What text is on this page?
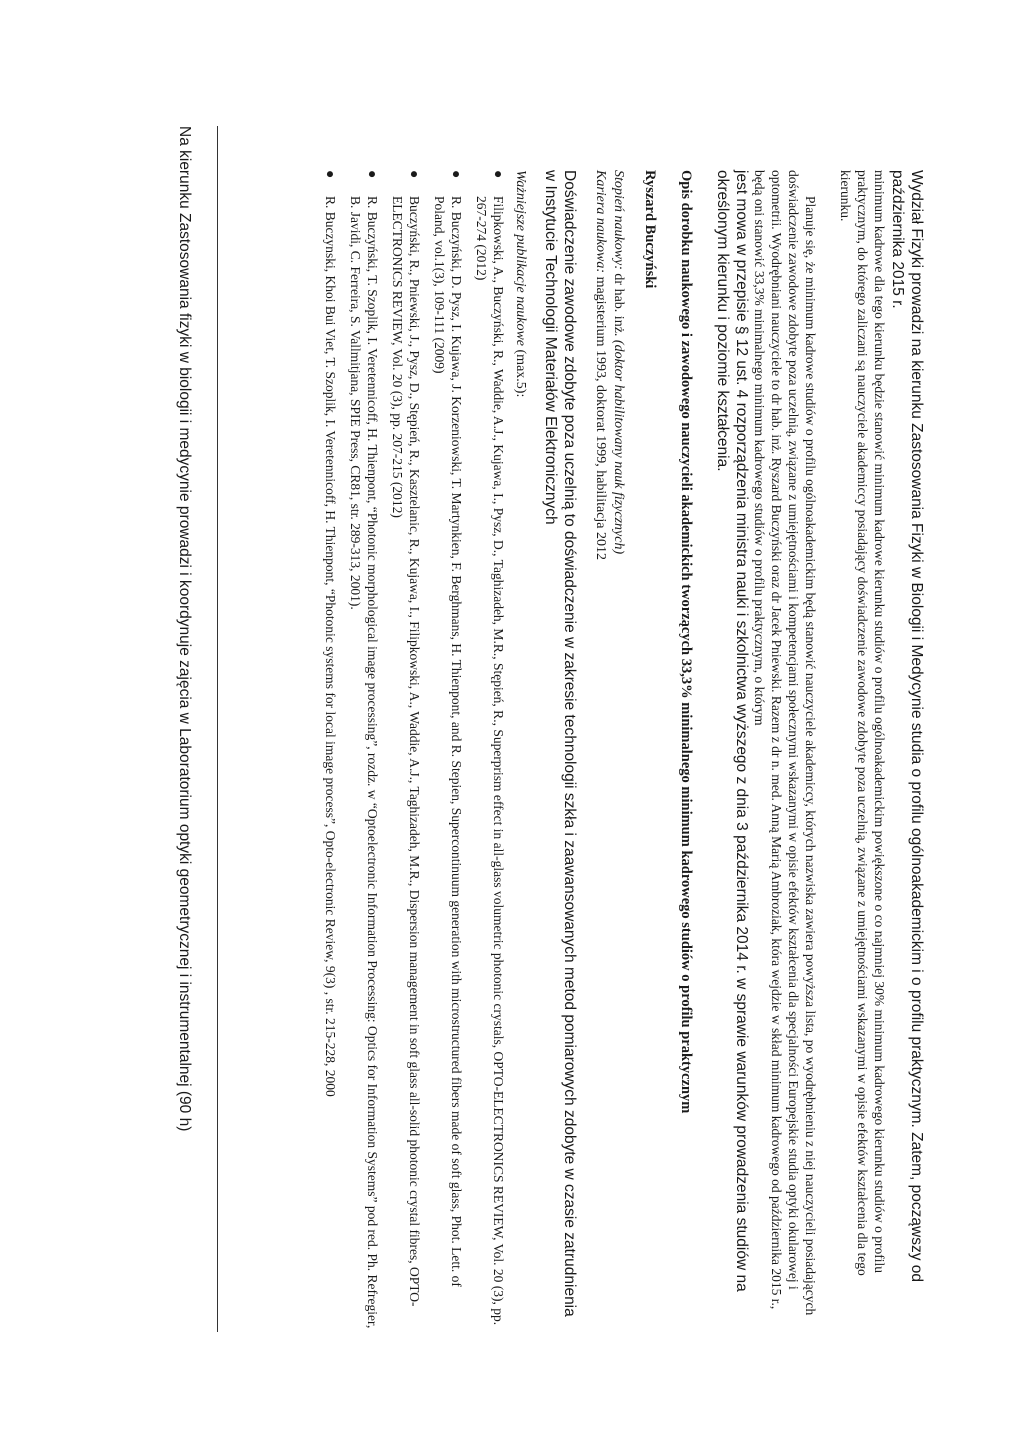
Wydział Fizyki prowadzi na kierunku Zastosowania Fizyki w Biologii i Medycynie studia o profilu ogólnoakademickim i o profilu praktycznym. Zatem, począwszy od października 2015 r.

minimum kadrowe dla tego kierunku będzie stanowić minimum kadrowe kierunku studiów o profilu ogólnoakademickim powiększone o co najmniej 30% minimum kadrowego kierunku studiów o profilu praktycznym, do którego zaliczani są nauczyciele akademiccy posiadający doświadczenie zawodowe zdobyte poza uczelnią, związane z umiejętnościami wskazanymi w opisie efektów kształcenia dla tego kierunku.

Planuje się, że minimum kadrowe studiów o profilu ogólnoakademickim będą stanowić nauczyciele akademiccy, których nazwiska zawiera powyższa lista, po wyodrębnieniu z niej nauczycieli posiadających doświadczenie zawodowe zdobyte poza uczelnią, związane z umiejętnościami i kompetencjami społecznymi wskazanymi w opisie efektów kształcenia dla specjalności Europejskie studia optyki okularowej i optometrii. Wyodrębniani nauczyciele to dr hab. inż. Ryszard Buczyński oraz dr Jacek Pniewski. Razem z dr n. med. Anną Marią Ambroziak, która wejdzie w skład minimum kadrowego od października 2015 r., będą oni stanowić 33,3% minimalnego minimum kadrowego studiów o profilu praktycznym, o którym

jest mowa w przepisie § 12 ust. 4 rozporządzenia ministra nauki i szkolnictwa wyższego z dnia 3 października 2014 r. w sprawie warunków prowadzenia studiów na określonym kierunku i poziomie kształcenia.

Opis dorobku naukowego i zawodowego nauczycieli akademickich tworzących 33,3% minimalnego minimum kadrowego studiów o profilu praktycznym

Ryszard Buczyński

Stopień naukowy: dr hab. inż. (doktor habilitowany nauk fizycznych)

Kariera naukowa: magisterium 1993, doktorat 1999, habilitacja 2012

Doświadczenie zawodowe zdobyte poza uczelnią to doświadczenie w zakresie technologii szkła i zaawansowanych metod pomiarowych zdobyte w czasie zatrudnienia w Instytucie Technologii Materiałów Elektronicznych

Ważniejsze publikacje naukowe (max.5):

●
Filipkowski, A., Buczyński, R., Waddie, A.J., Kujawa, I., Pysz, D., Taghizadeh, M.R., Stępień, R., Superprism effect in all-glass volumetric photonic crystals, OPTO-ELECTRONICS REVIEW, Vol. 20 (3), pp. 267-274 (2012)
●
R. Buczyński, D. Pysz, I. Kujawa, J. Korzeniowski, T. Martynkien, F. Berghmans, H. Thienpont, and R. Stepien, Supercontinuum generation with microstructured fibers made of soft glass, Phot. Lett. of Poland, vol.1(3), 109-111 (2009)
●
Buczyński, R., Pniewski, J., Pysz, D., Stępień, R., Kasztelanic, R., Kujawa, I., Filipkowski, A., Waddie, A.J., Taghizadeh, M.R., Dispersion management in soft glass all-solid photonic crystal fibres, OPTO-ELECTRONICS REVIEW, Vol. 20 (3), pp. 207-215 (2012)
●
R. Buczyński, T. Szoplik, I. Veretennicoff, H. Thienpont, “Photonic morphological image processing”, rozdz. w “Optoelectronic Information Processing: Optics for Information Systems” pod red. Ph. Refregier, B. Javidi, C. Ferreira, S. Vallmitjana, SPIE Press, CR81, str. 289-313, 2001).
●
R. Buczynski, Khoi Bui Viet, T. Szoplik, I. Veretennicoff, H. Thienpont, “Photonic systems for local image process”, Opto-electronic Review, 9(3) , str. 215-228, 2000
Na kierunku Zastosowania fizyki w biologii i medycynie prowadzi i koordynuje zajęcia w Laboratorium optyki geometrycznej i instrumentalnej (90 h)
